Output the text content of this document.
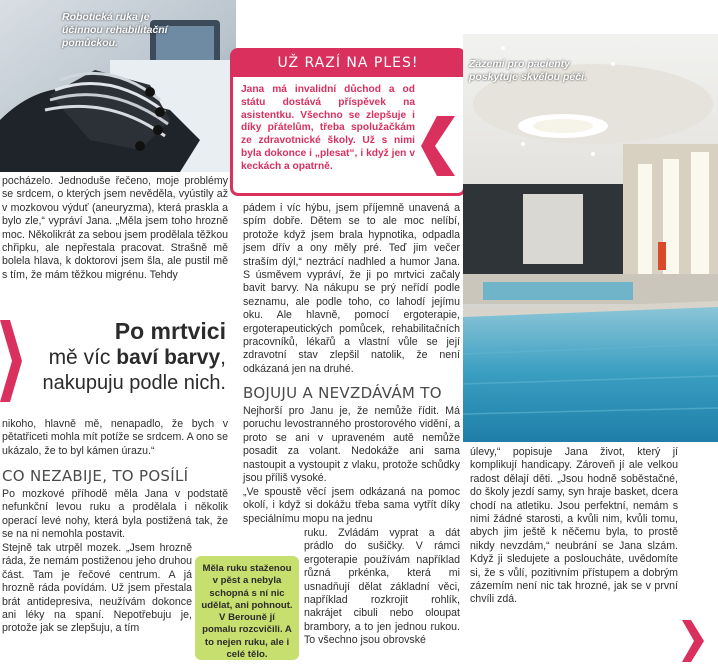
Robotická ruka je účinnou rehabilitační pomůckou.
UŽ RAZÍ NA PLES!
Jana má invalidní důchod a od státu dostává příspěvek na asistentku. Všechno se zlepšuje i díky přátelům, třeba spolužačkám ze zdravotnické školy. Už s nimi byla dokonce i „plesat“, i když jen v keckách a opatrně.
Zázemí pro pacienty poskytuje skvělou péči.
pocházelo. Jednoduše řečeno, moje problémy se srdcem, o kterých jsem nevěděla, vyústily až v mozkovou výduť (aneuryzma), která praskla a bylo zle,“ vypráví Jana. „Měla jsem toho hrozně moc. Několikrát za sebou jsem prodělala těžkou chřipku, ale nepřestala pracovat. Strašně mě bolela hlava, k doktorovi jsem šla, ale pustil mě s tím, že mám těžkou migrénu. Tehdy
Po mrtvici
mě víc baví barvy,
nakupuju podle nich.
nikoho, hlavně mě, nenapadlo, že bych v pětatřiceti mohla mít potíže se srdcem. A ono se ukázalo, že to byl kámen úrazu.“
CO NEZABIJE, TO POSÍLÍ
Po mozkové příhodě měla Jana v podstatě nefunkční levou ruku a prodělala i několik operací levé nohy, která byla postižená tak, že se na ni nemohla postavit.
Stejně tak utrpěl mozek. „Jsem hrozně ráda, že nemám postiženou jeho druhou část. Tam je řečové centrum. A já hrozně ráda povídám. Už jsem přestala brát antidepresiva, neužívám dokonce ani léky na spaní. Nepotřebuju je, protože jak se zlepšuju, a tím
Měla ruku staženou v pěst a nebyla schopná s ní nic udělat, ani pohnout. V Berouně jí pomalu rozcvičili. A to nejen ruku, ale i celé tělo.
pádem i víc hýbu, jsem příjemně unavená a spím dobře. Dětem se to ale moc nelíbí, protože když jsem brala hypnotika, odpadla jsem dřív a ony měly pré. Teď jim večer straším dýl,“ neztrácí nadhled a humor Jana. S úsměvem vypráví, že ji po mrtvici začaly bavit barvy. Na nákupu se prý neřídí podle seznamu, ale podle toho, co lahodí jejímu oku. Ale hlavně, pomocí ergoterapie, ergoterapeutických pomůcek, rehabilitačních pracovníků, lékařů a vlastní vůle se její zdravotní stav zlepšil natolik, že není odkázaná jen na druhé.
BOJUJU A NEVZDÁVÁM TO
Nejhorší pro Janu je, že nemůže řídit. Má poruchu levostranného prostorového vidění, a proto se ani v upraveném autě nemůže posadit za volant. Nedokáže ani sama nastoupit a vystoupit z vlaku, protože schůdky jsou příliš vysoké.
„Ve spoustě věcí jsem odkázaná na pomoc okolí, i když si dokážu třeba sama vytřít díky speciálnímu mopu na jednu
ruku. Zvládám vyprat a dát prádlo do sušičky. V rámci ergoterapie používám například různá prkénka, která mi usnadňují dělat základní věci, například rozkrojit rohlík, nakrájet cibuli nebo oloupat brambory, a to jen jednou rukou. To všechno jsou obrovské
úlevy,“ popisuje Jana život, který jí komplikují handicapy. Zároveň jí ale velkou radost dělají děti. „Jsou hodně soběstačné, do školy jezdí samy, syn hraje basket, dcera chodí na atletiku. Jsou perfektní, nemám s nimi žádné starosti, a kvůli nim, kvůli tomu, abych jim ještě k něčemu byla, to prostě nikdy nevzdám,“ neubrání se Jana slzám. Když ji sledujete a posloucháte, uvědomíte si, že s vůlí, pozitivním přístupem a dobrým zázemím není nic tak hrozné, jak se v první chvíli zdá.
